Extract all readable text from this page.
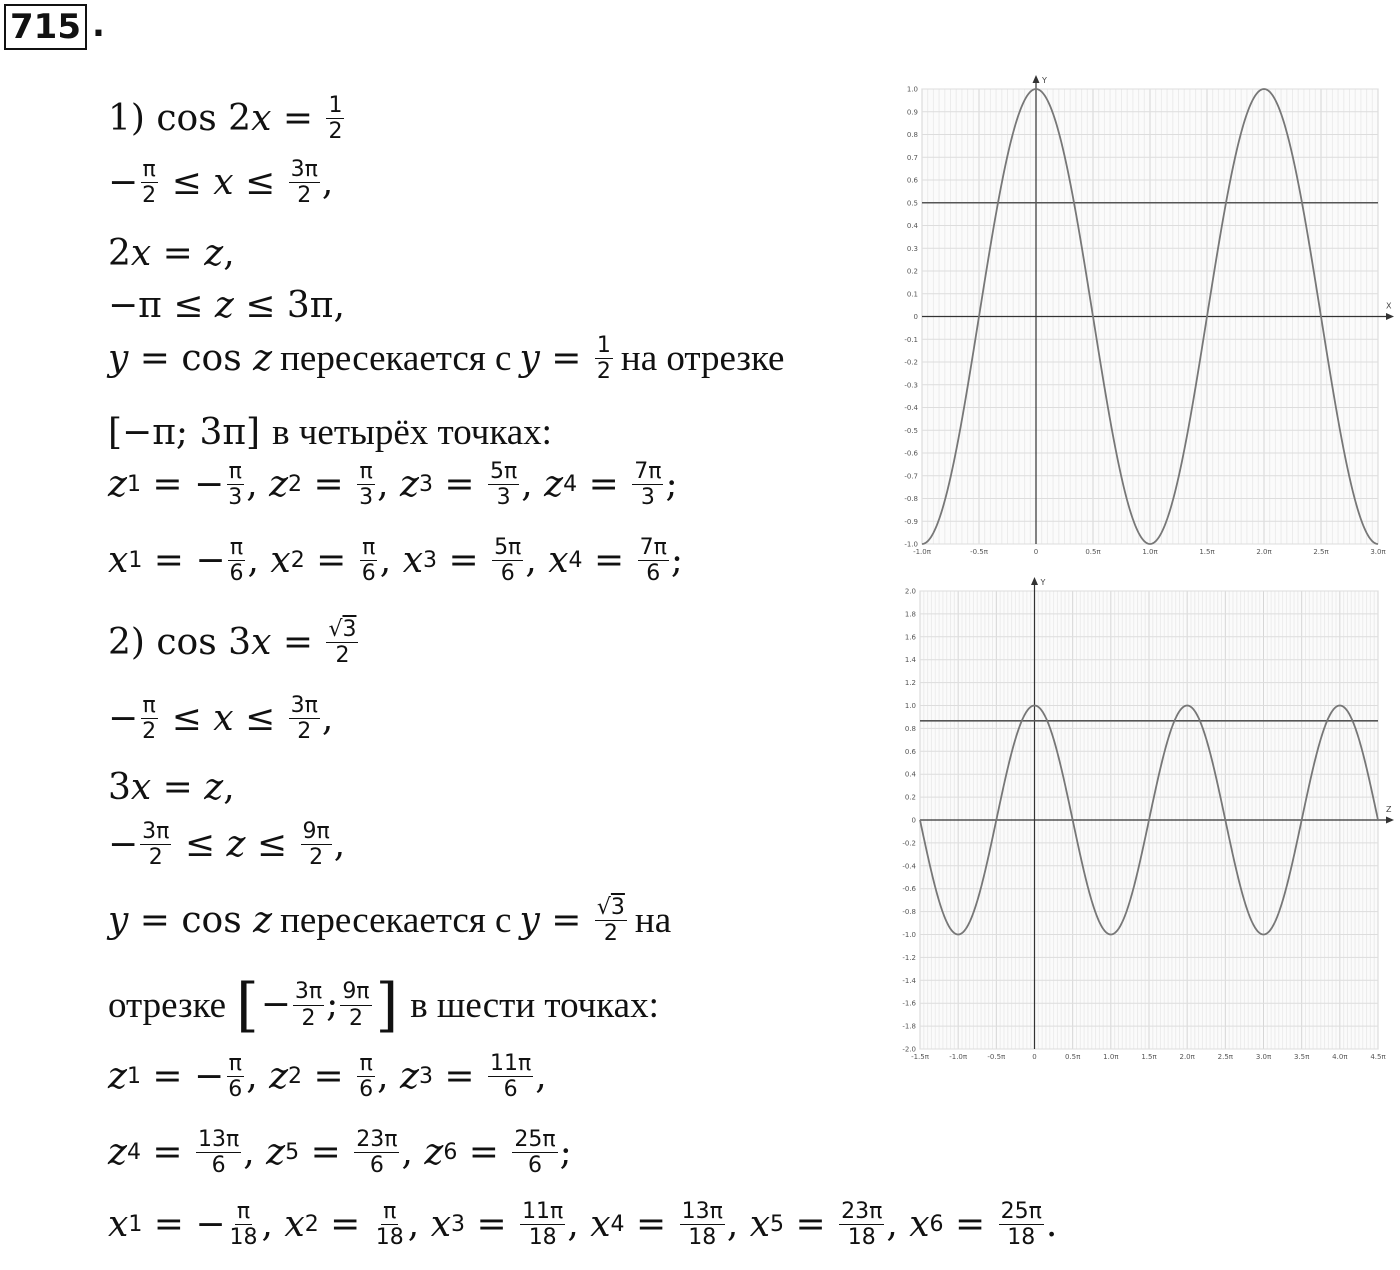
715 .
1) cos 2 $x = \frac{1}{2}$
− $\frac{\pi}{2} \le x \le \frac{3\pi}{2}$ ,
2 x = z ,
−π ≤ z ≤ 3π,
y = cos z пересекается с $y = \frac{1}{2}$ на отрезке
[−π; 3π] в четырёх точках:
z 1 = − $\frac{\pi}{3}$ , z $2 = \frac{\pi}{3}$ , z $3 = \frac{5\pi}{3}$ , z $4 = \frac{7\pi}{3}$ ;
x 1 = − $\frac{\pi}{6}$ , x $2 = \frac{\pi}{6}$ , x $3 = \frac{5\pi}{6}$ , x $4 = \frac{7\pi}{6}$ ;
2) cos 3 $x = \frac{√3}{2}$
− $\frac{\pi}{2} \le x \le \frac{3\pi}{2}$ ,
3 x = z ,
− $\frac{3\pi}{2} \le z \le \frac{9\pi}{2}$ ,
y = cos z пересекается с $y = \frac{√3}{2}$ на
отрезке [ − $\frac{3\pi}{2}$ ; $\frac{9\pi}{2}$ ] в шести точках:
z 1 = − $\frac{\pi}{6}$ , z $2 = \frac{\pi}{6}$ , z $3 = \frac{11\pi}{6}$ ,
z $4 = \frac{13\pi}{6}$ , z $5 = \frac{23\pi}{6}$ , z $6 = \frac{25\pi}{6}$ ;
x 1 = − $\frac{\pi}{18}$ , x $2 = \frac{\pi}{18}$ , x $3 = \frac{11\pi}{18}$ , x $4 = \frac{13\pi}{18}$ , x $5 = \frac{23\pi}{18}$ , x $6 = \frac{25\pi}{18}$ .
X
Y
1.0
0.9
0.8
0.7
0.6
0.5
0.4
0.3
0.2
0.1
0
-0.1
-0.2
-0.3
-0.4
-0.5
-0.6
-0.7
-0.8
-0.9
-1.0
-1.0π	-0.5π	0	0.5π	1.0π	1.5π	2.0π	2.5π	3.0π
Z
Y
2.0
1.8
1.6
1.4
1.2
1.0
0.8
0.6
0.4
0.2
0
-0.2
-0.4
-0.6
-0.8
-1.0
-1.2
-1.4
-1.6
-1.8
-2.0
-1.5π	-1.0π	-0.5π	0	0.5π	1.0π	1.5π	2.0π	2.5π	3.0π	3.5π	4.0π	4.5π
